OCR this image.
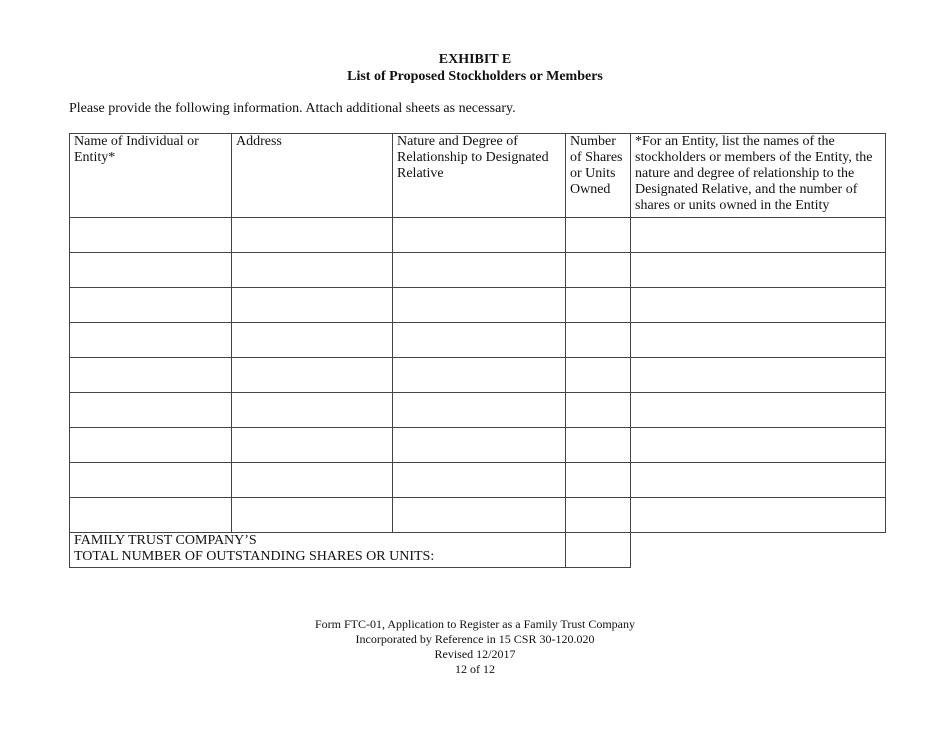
EXHIBIT E
List of Proposed Stockholders or Members
Please provide the following information. Attach additional sheets as necessary.
Name of Individual or Entity*	Address	Nature and Degree of Relationship to Designated Relative	Number of Shares or Units Owned	*For an Entity, list the names of the stockholders or members of the Entity, the nature and degree of relationship to the Designated Relative, and the number of shares or units owned in the Entity

FAMILY TRUST COMPANY’S
TOTAL NUMBER OF OUTSTANDING SHARES OR UNITS:				

Form FTC-01, Application to Register as a Family Trust Company
Incorporated by Reference in 15 CSR 30-120.020
Revised 12/2017
12 of 12
